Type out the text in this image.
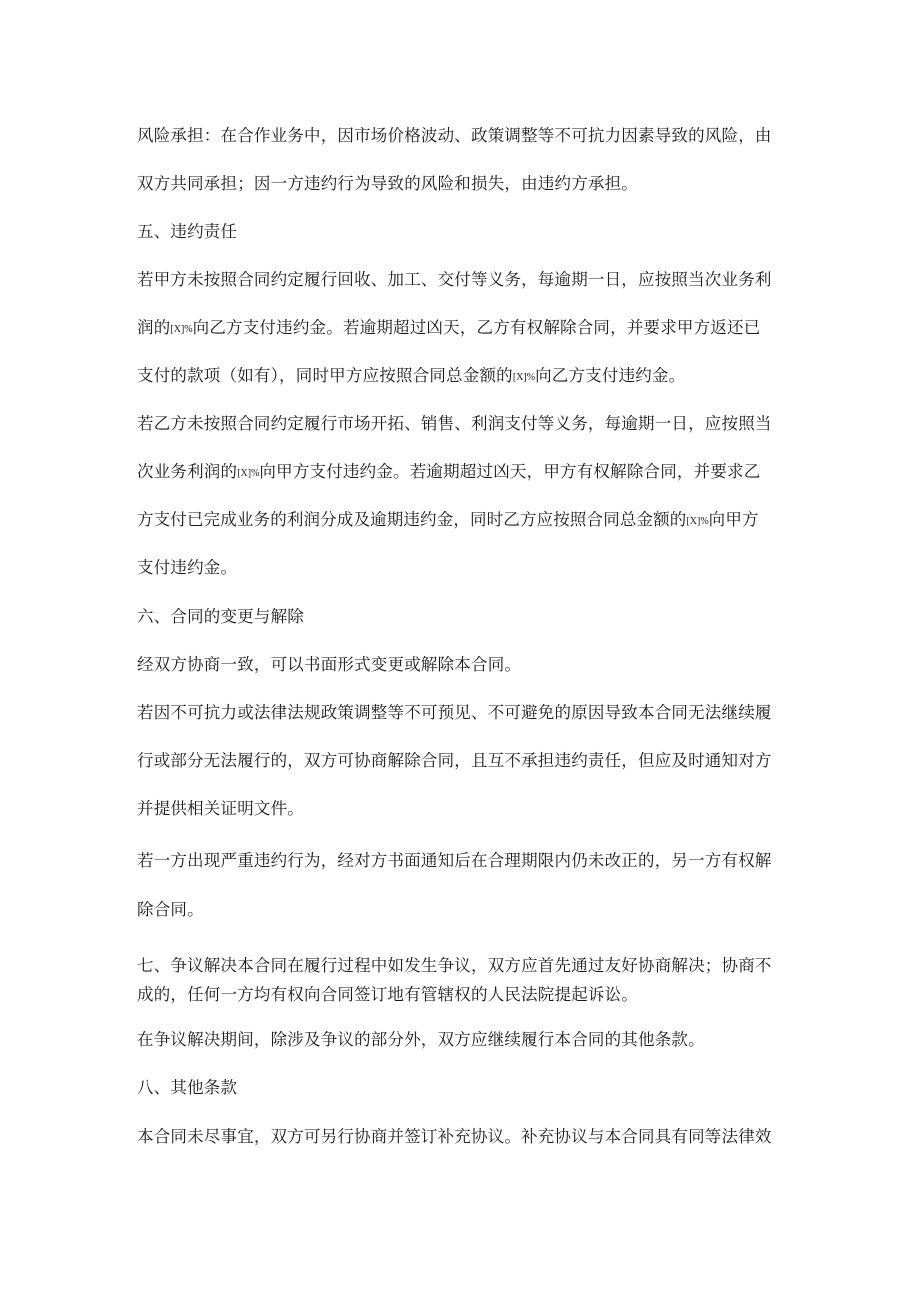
风险承担：在合作业务中，因市场价格波动、政策调整等不可抗力因素导致的风险，由
双方共同承担；因一方违约行为导致的风险和损失，由违约方承担。
五、违约责任
若甲方未按照合同约定履行回收、加工、交付等义务，每逾期一日，应按照当次业务利
润的[X]%向乙方支付违约金。若逾期超过凶天，乙方有权解除合同，并要求甲方返还已
支付的款项（如有），同时甲方应按照合同总金额的[X]%向乙方支付违约金。
若乙方未按照合同约定履行市场开拓、销售、利润支付等义务，每逾期一日，应按照当
次业务利润的[X]%向甲方支付违约金。若逾期超过凶天，甲方有权解除合同，并要求乙
方支付已完成业务的利润分成及逾期违约金，同时乙方应按照合同总金额的[X]%向甲方
支付违约金。
六、合同的变更与解除
经双方协商一致，可以书面形式变更或解除本合同。
若因不可抗力或法律法规政策调整等不可预见、不可避免的原因导致本合同无法继续履
行或部分无法履行的，双方可协商解除合同，且互不承担违约责任，但应及时通知对方
并提供相关证明文件。
若一方出现严重违约行为，经对方书面通知后在合理期限内仍未改正的，另一方有权解
除合同。
七、争议解决本合同在履行过程中如发生争议，双方应首先通过友好协商解决；协商不
成的，任何一方均有权向合同签订地有管辖权的人民法院提起诉讼。
在争议解决期间，除涉及争议的部分外，双方应继续履行本合同的其他条款。
八、其他条款
本合同未尽事宜，双方可另行协商并签订补充协议。补充协议与本合同具有同等法律效
